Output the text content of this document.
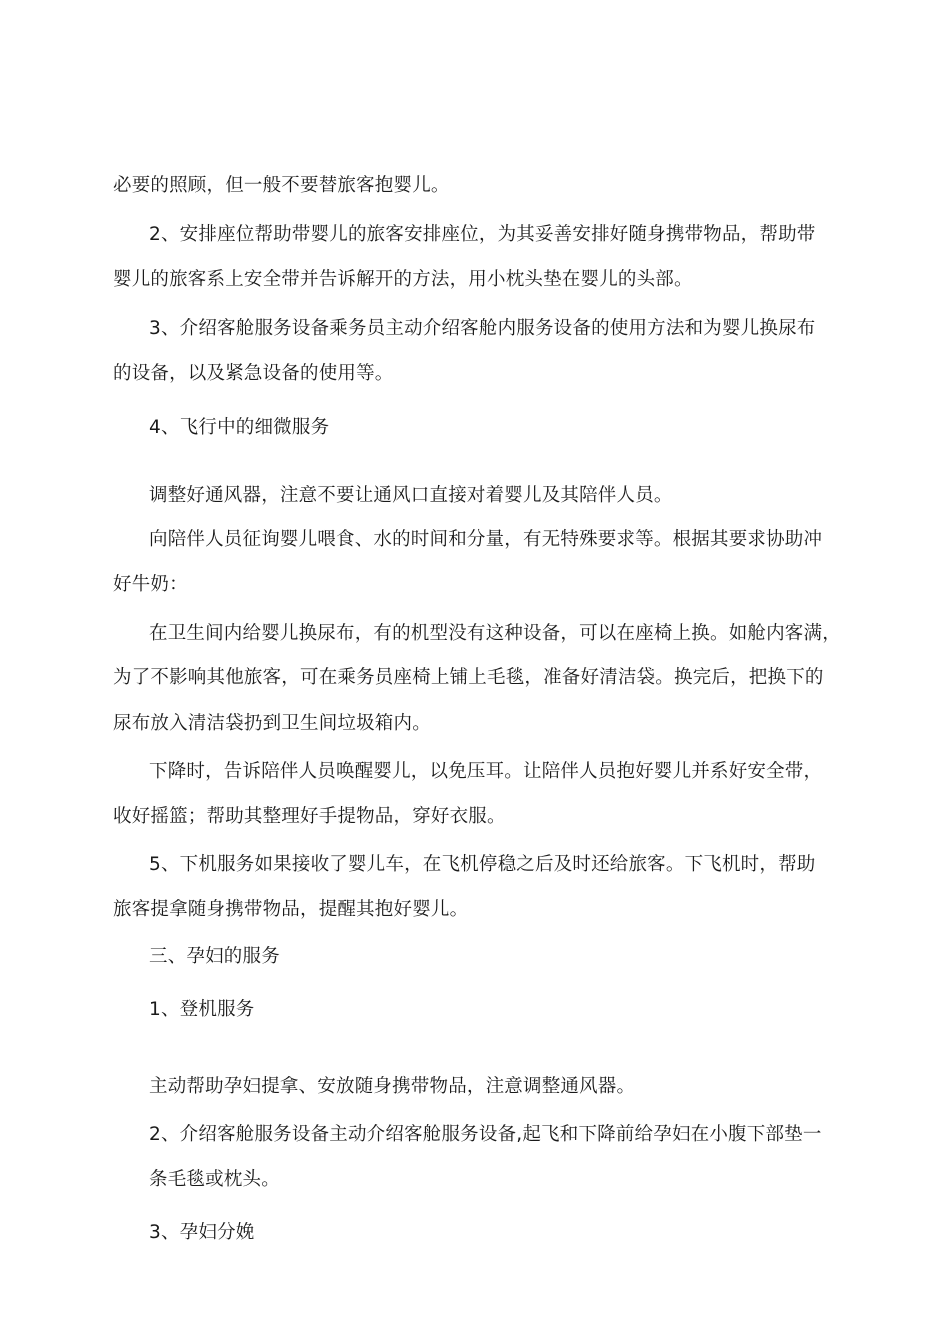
必要的照顾，但一般不要替旅客抱婴儿。
2、安排座位帮助带婴儿的旅客安排座位，为其妥善安排好随身携带物品，帮助带
婴儿的旅客系上安全带并告诉解开的方法，用小枕头垫在婴儿的头部。
3、介绍客舱服务设备乘务员主动介绍客舱内服务设备的使用方法和为婴儿换尿布
的设备，以及紧急设备的使用等。
4、飞行中的细微服务
调整好通风器，注意不要让通风口直接对着婴儿及其陪伴人员。
向陪伴人员征询婴儿喂食、水的时间和分量，有无特殊要求等。根据其要求协助冲
好牛奶：
在卫生间内给婴儿换尿布，有的机型没有这种设备，可以在座椅上换。如舱内客满，
为了不影响其他旅客，可在乘务员座椅上铺上毛毯，准备好清洁袋。换完后，把换下的
尿布放入清洁袋扔到卫生间垃圾箱内。
下降时，告诉陪伴人员唤醒婴儿，以免压耳。让陪伴人员抱好婴儿并系好安全带，
收好摇篮；帮助其整理好手提物品，穿好衣服。
5、下机服务如果接收了婴儿车，在飞机停稳之后及时还给旅客。下飞机时，帮助
旅客提拿随身携带物品，提醒其抱好婴儿。
三、孕妇的服务
1、登机服务
主动帮助孕妇提拿、安放随身携带物品，注意调整通风器。
2、介绍客舱服务设备主动介绍客舱服务设备,起飞和下降前给孕妇在小腹下部垫一
条毛毯或枕头。
3、孕妇分娩
